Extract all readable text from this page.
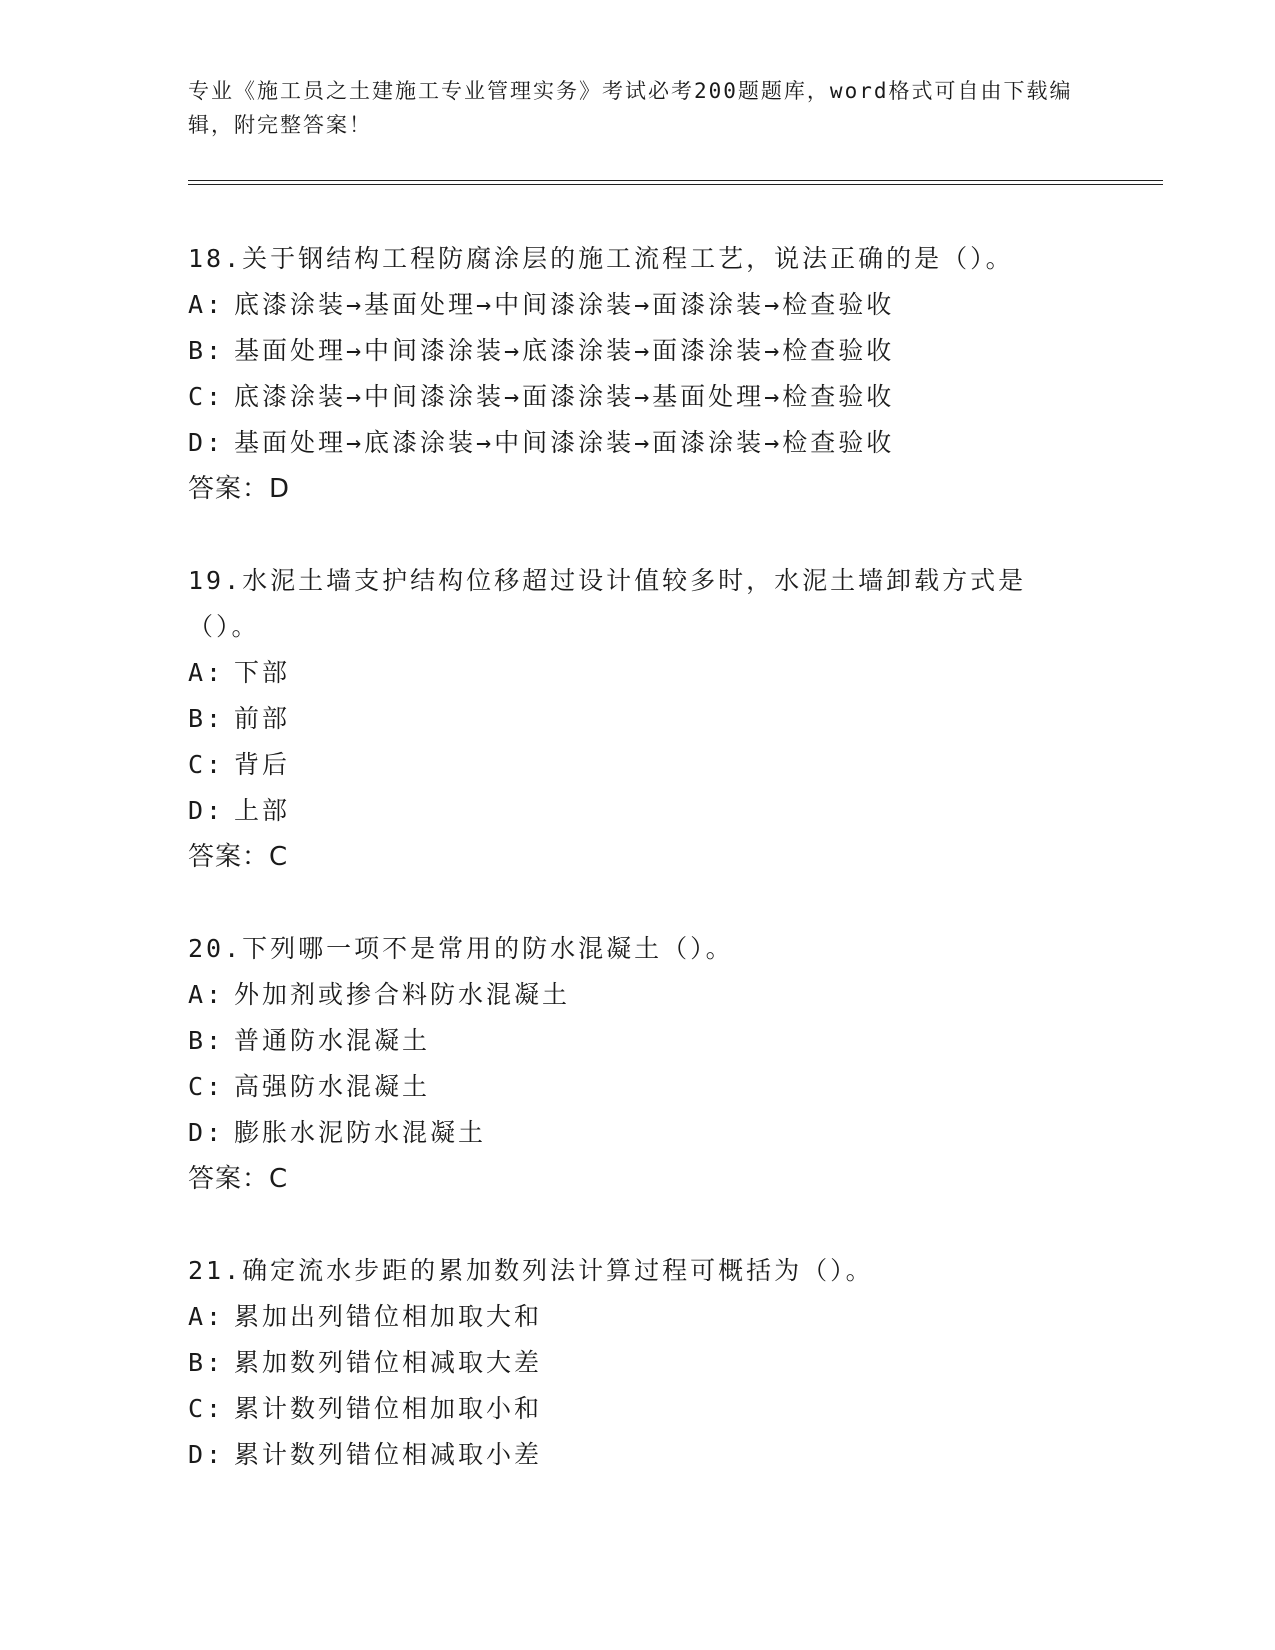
专业《施工员之土建施工专业管理实务》考试必考200题题库，word格式可自由下载编辑，附完整答案！

18.关于钢结构工程防腐涂层的施工流程工艺，说法正确的是（）。

A: 底漆涂装→基面处理→中间漆涂装→面漆涂装→检查验收

B: 基面处理→中间漆涂装→底漆涂装→面漆涂装→检查验收

C: 底漆涂装→中间漆涂装→面漆涂装→基面处理→检查验收

D: 基面处理→底漆涂装→中间漆涂装→面漆涂装→检查验收

答案：D

19.水泥土墙支护结构位移超过设计值较多时，水泥土墙卸载方式是（）。

A: 下部

B: 前部

C: 背后

D: 上部

答案：C

20.下列哪一项不是常用的防水混凝土（）。

A: 外加剂或掺合料防水混凝土

B: 普通防水混凝土

C: 高强防水混凝土

D: 膨胀水泥防水混凝土

答案：C

21.确定流水步距的累加数列法计算过程可概括为（）。

A: 累加出列错位相加取大和

B: 累加数列错位相减取大差

C: 累计数列错位相加取小和

D: 累计数列错位相减取小差
